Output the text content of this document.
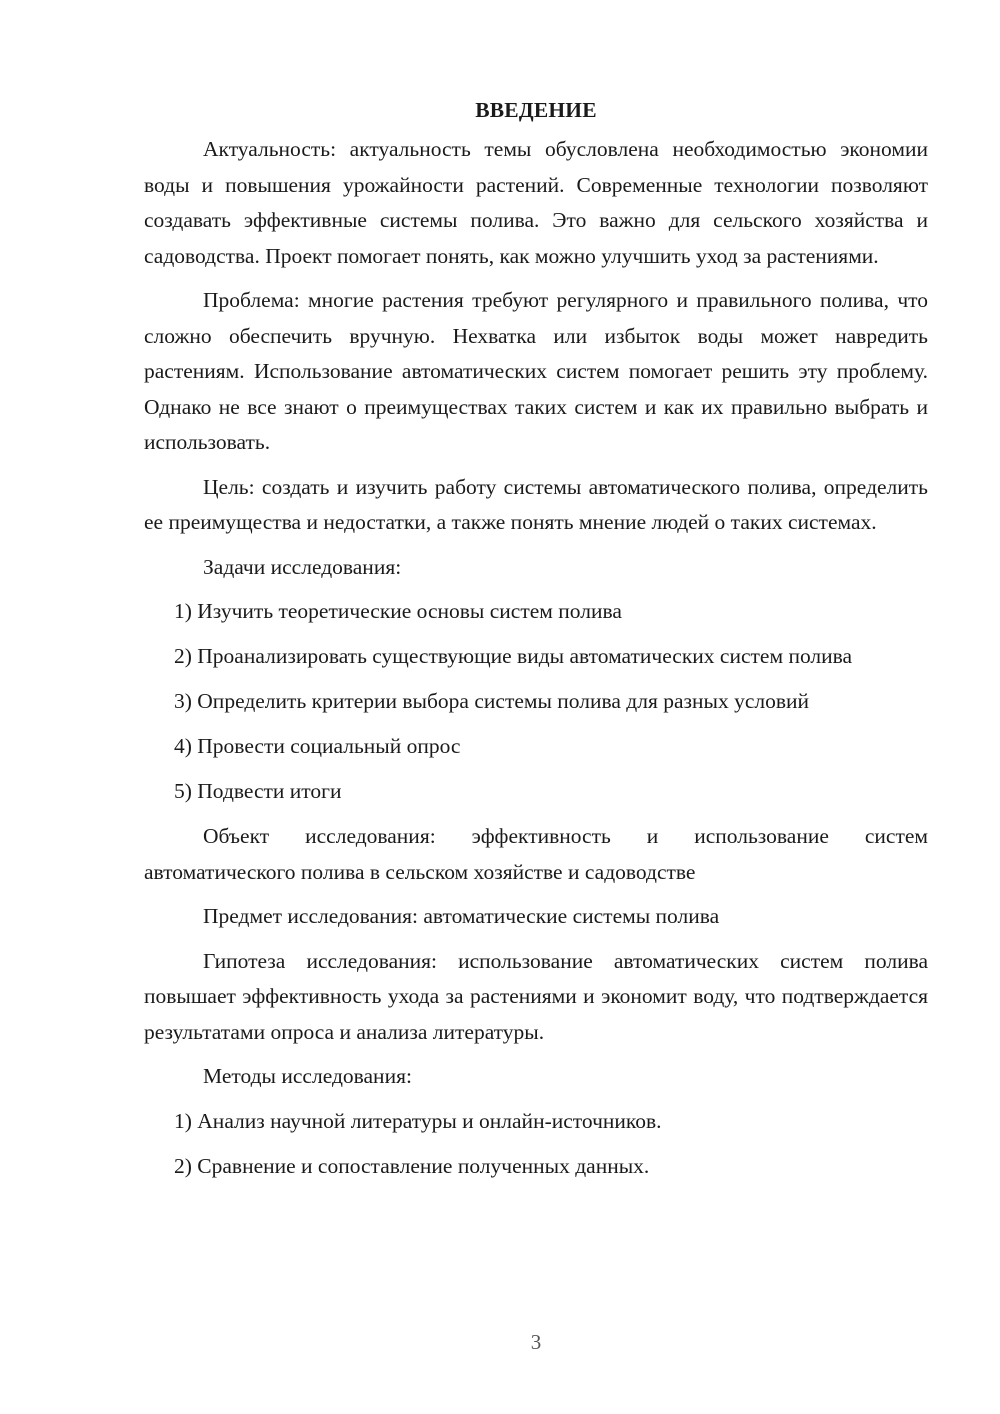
ВВЕДЕНИЕ

Актуальность: актуальность темы обусловлена необходимостью экономии воды и повышения урожайности растений. Современные технологии позволяют создавать эффективные системы полива. Это важно для сельского хозяйства и садоводства. Проект помогает понять, как можно улучшить уход за растениями.

Проблема: многие растения требуют регулярного и правильного полива, что сложно обеспечить вручную. Нехватка или избыток воды может навредить растениям. Использование автоматических систем помогает решить эту проблему. Однако не все знают о преимуществах таких систем и как их правильно выбрать и использовать.

Цель: создать и изучить работу системы автоматического полива, определить ее преимущества и недостатки, а также понять мнение людей о таких системах.

Задачи исследования:

1) Изучить теоретические основы систем полива

2) Проанализировать существующие виды автоматических систем полива

3) Определить критерии выбора системы полива для разных условий

4) Провести социальный опрос

5) Подвести итоги

Объект исследования: эффективность и использование систем автоматического полива в сельском хозяйстве и садоводстве

Предмет исследования: автоматические системы полива

Гипотеза исследования: использование автоматических систем полива повышает эффективность ухода за растениями и экономит воду, что подтверждается результатами опроса и анализа литературы.

Методы исследования:

1) Анализ научной литературы и онлайн-источников.

2) Сравнение и сопоставление полученных данных.

3
